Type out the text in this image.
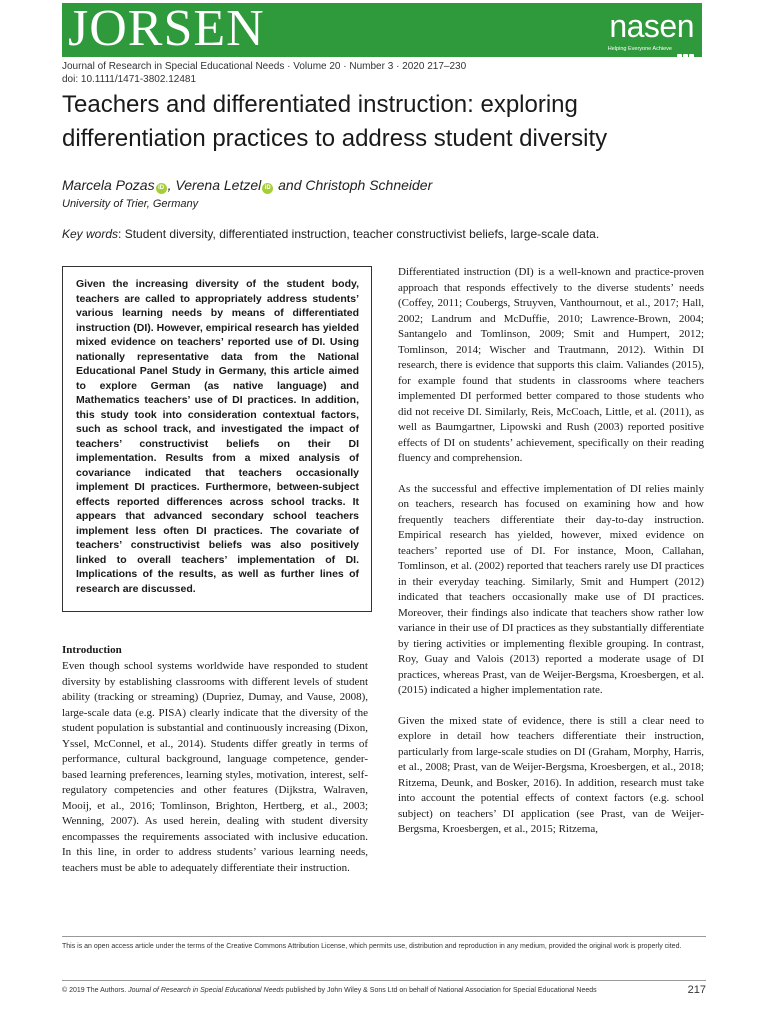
JORSEN	nasen
Helping Everyone Achieve
Journal of Research in Special Educational Needs · Volume 20 · Number 3 · 2020 217–230
doi: 10.1111/1471-3802.12481
Teachers and differentiated instruction: exploring differentiation practices to address student diversity
Marcela Pozas iD , Verena Letzel iD and Christoph Schneider
University of Trier, Germany
Key words: Student diversity, differentiated instruction, teacher constructivist beliefs, large-scale data.

Given the increasing diversity of the student body, teachers are called to appropriately address students’ various learning needs by means of differentiated instruction (DI). However, empirical research has yielded mixed evidence on teachers’ reported use of DI. Using nationally representative data from the National Educational Panel Study in Germany, this article aimed to explore German (as native language) and Mathematics teachers’ use of DI practices. In addition, this study took into consideration contextual factors, such as school track, and investigated the impact of teachers’ constructivist beliefs on their DI implementation. Results from a mixed analysis of covariance indicated that teachers occasionally implement DI practices. Furthermore, between-subject effects reported differences across school tracks. It appears that advanced secondary school teachers implement less often DI practices. The covariate of teachers’ constructivist beliefs was also positively linked to overall teachers’ implementation of DI. Implications of the results, as well as further lines of research are discussed.

Introduction

Even though school systems worldwide have responded to student diversity by establishing classrooms with different levels of student ability (tracking or streaming) (Dupriez, Dumay, and Vause, 2008), large-scale data (e.g. PISA) clearly indicate that the diversity of the student population is substantial and continuously increasing (Dixon, Yssel, McConnel, et al., 2014). Students differ greatly in terms of performance, cultural background, language competence, gender-based learning preferences, learning styles, motivation, interest, self-regulatory competencies and other features (Dijkstra, Walraven, Mooij, et al., 2016; Tomlinson, Brighton, Hertberg, et al., 2003; Wenning, 2007). As used herein, dealing with student diversity encompasses the requirements associated with inclusive education. In this line, in order to address students’ various learning needs, teachers must be able to adequately differentiate their instruction.

Differentiated instruction (DI) is a well-known and practice-proven approach that responds effectively to the diverse students’ needs (Coffey, 2011; Coubergs, Struyven, Vanthournout, et al., 2017; Hall, 2002; Landrum and McDuffie, 2010; Lawrence-Brown, 2004; Santangelo and Tomlinson, 2009; Smit and Humpert, 2012; Tomlinson, 2014; Wischer and Trautmann, 2012). Within DI research, there is evidence that supports this claim. Valiandes (2015), for example found that students in classrooms where teachers implemented DI performed better compared to those students who did not receive DI. Similarly, Reis, McCoach, Little, et al. (2011), as well as Baumgartner, Lipowski and Rush (2003) reported positive effects of DI on students’ achievement, specifically on their reading fluency and comprehension.

As the successful and effective implementation of DI relies mainly on teachers, research has focused on examining how and how frequently teachers differentiate their day-to-day instruction. Empirical research has yielded, however, mixed evidence on teachers’ reported use of DI. For instance, Moon, Callahan, Tomlinson, et al. (2002) reported that teachers rarely use DI practices in their everyday teaching. Similarly, Smit and Humpert (2012) indicated that teachers occasionally make use of DI practices. Moreover, their findings also indicate that teachers show rather low variance in their use of DI practices as they substantially differentiate by tiering activities or implementing flexible grouping. In contrast, Roy, Guay and Valois (2013) reported a moderate usage of DI practices, whereas Prast, van de Weijer-Bergsma, Kroesbergen, et al. (2015) indicated a higher implementation rate.

Given the mixed state of evidence, there is still a clear need to explore in detail how teachers differentiate their instruction, particularly from large-scale studies on DI (Graham, Morphy, Harris, et al., 2008; Prast, van de Weijer-Bergsma, Kroesbergen, et al., 2018; Ritzema, Deunk, and Bosker, 2016). In addition, research must take into account the potential effects of context factors (e.g. school subject) on teachers’ DI application (see Prast, van de Weijer-Bergsma, Kroesbergen, et al., 2015; Ritzema,

This is an open access article under the terms of the Creative Commons Attribution License, which permits use, distribution and reproduction in any medium, provided the original work is properly cited.
© 2019 The Authors. Journal of Research in Special Educational Needs published by John Wiley & Sons Ltd on behalf of National Association for Special Educational Needs	217
